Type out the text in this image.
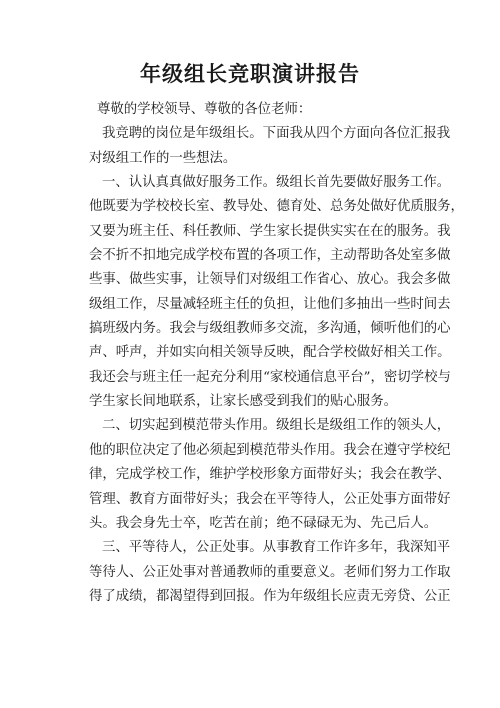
年级组长竞职演讲报告
尊敬的学校领导、尊敬的各位老师：
我竞聘的岗位是年级组长。下面我从四个方面向各位汇报我
对级组工作的一些想法。
一、认认真真做好服务工作。级组长首先要做好服务工作。
他既要为学校校长室、教导处、德育处、总务处做好优质服务，
又要为班主任、科任教师、学生家长提供实实在在的服务。我
会不折不扣地完成学校布置的各项工作，主动帮助各处室多做
些事、做些实事，让领导们对级组工作省心、放心。我会多做
级组工作，尽量减轻班主任的负担，让他们多抽出一些时间去
搞班级内务。我会与级组教师多交流，多沟通，倾听他们的心
声、呼声，并如实向相关领导反映，配合学校做好相关工作。
我还会与班主任一起充分利用“家校通信息平台”，密切学校与
学生家长间地联系，让家长感受到我们的贴心服务。
二、切实起到模范带头作用。级组长是级组工作的领头人，
他的职位决定了他必须起到模范带头作用。我会在遵守学校纪
律，完成学校工作，维护学校形象方面带好头；我会在教学、
管理、教育方面带好头；我会在平等待人，公正处事方面带好
头。我会身先士卒，吃苦在前；绝不碌碌无为、先己后人。
三、平等待人，公正处事。从事教育工作许多年，我深知平
等待人、公正处事对普通教师的重要意义。老师们努力工作取
得了成绩，都渴望得到回报。作为年级组长应责无旁贷、公正
